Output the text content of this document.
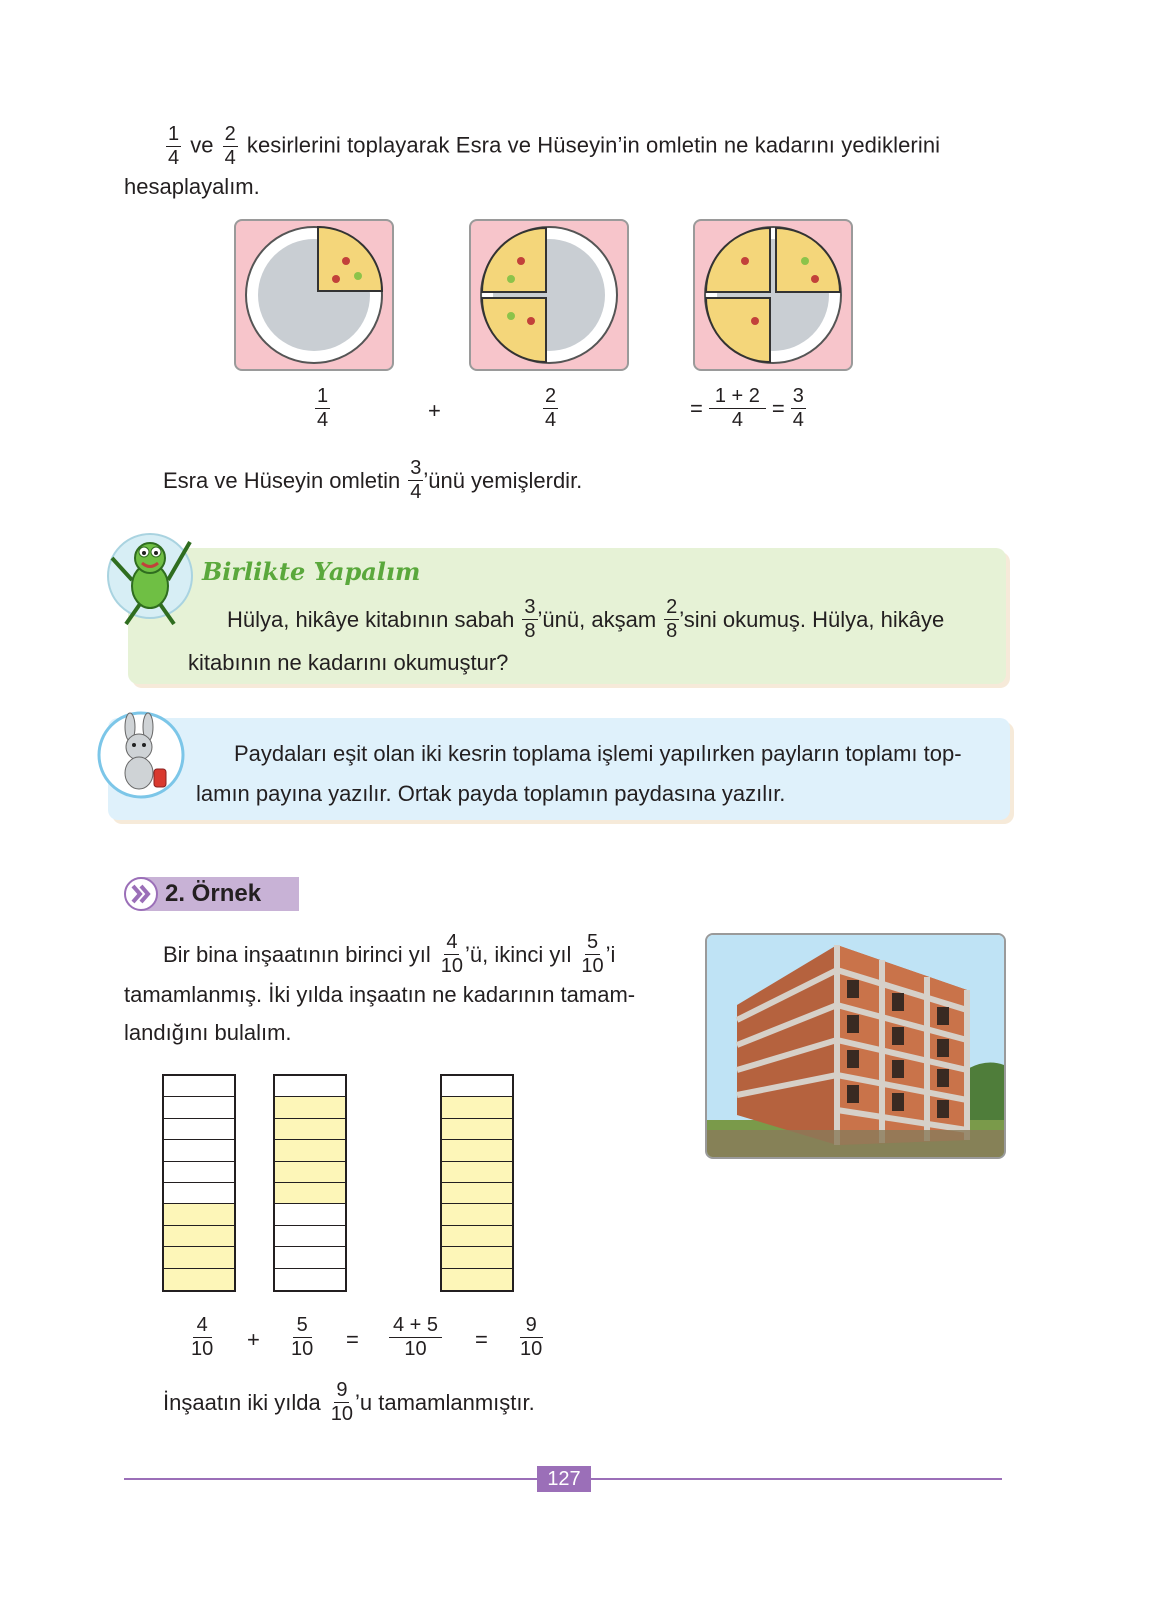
$\frac{1}{4}$ ve $\frac{2}{4}$ kesirlerini toplayarak Esra ve Hüseyin’in omletin ne kadarını yediklerini
hesaplayalım.
$\frac{1}{4}$	+	$\frac{2}{4}$	= $\frac{1 + 2}{4} = \frac{3}{4}$
Esra ve Hüseyin omletin $\frac{3}{4}$ ’ünü yemişlerdir.
Birlikte Yapalım
Hülya, hikâye kitabının sabah $\frac{3}{8}$ ’ünü, akşam $\frac{2}{8}$ ’sini okumuş. Hülya, hikâye
kitabının ne kadarını okumuştur?
Paydaları eşit olan iki kesrin toplama işlemi yapılırken payların toplamı top-
lamın payına yazılır. Ortak payda toplamın paydasına yazılır.
2. Örnek
Bir bina inşaatının birinci yıl $\frac{4}{10}$ ’ü, ikinci yıl $\frac{5}{10}$ ’i
tamamlanmış. İki yılda inşaatın ne kadarının tamam-
landığını bulalım.
$\frac{4}{10} + \frac{5}{10} = \frac{4 + 5}{10} = \frac{9}{10}$
İnşaatın iki yılda $\frac{9}{10}$ ’u tamamlanmıştır.
127
